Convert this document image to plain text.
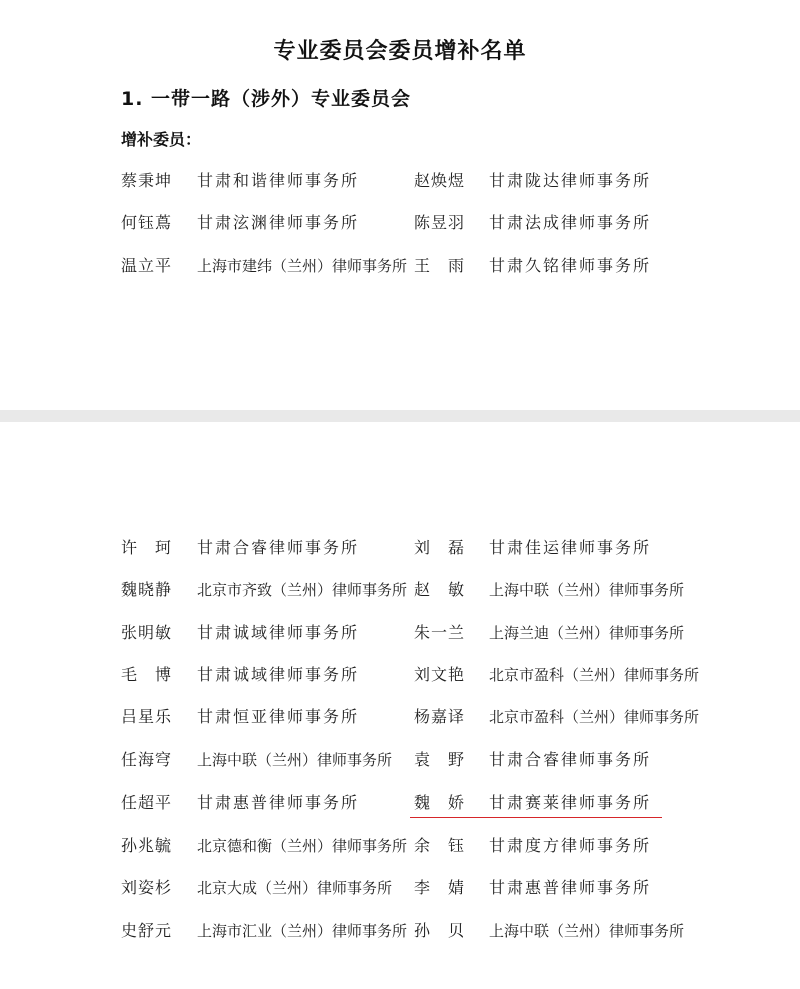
专业委员会委员增补名单
1. 一带一路（涉外）专业委员会
增补委员：
蔡秉坤	甘肃和谐律师事务所	赵焕煜	甘肃陇达律师事务所
何钰蔦	甘肃泫渊律师事务所	陈昱羽	甘肃法成律师事务所
温立平	上海市建纬（兰州）律师事务所 王　雨	甘肃久铭律师事务所
许　珂	甘肃合睿律师事务所	刘　磊	甘肃佳运律师事务所
魏晓静	北京市齐致（兰州）律师事务所 赵　敏	上海中联（兰州）律师事务所
张明敏	甘肃诚域律师事务所	朱一兰	上海兰迪（兰州）律师事务所
毛　博	甘肃诚域律师事务所	刘文艳	北京市盈科（兰州）律师事务所
吕星乐	甘肃恒亚律师事务所	杨嘉译	北京市盈科（兰州）律师事务所
任海穹	上海中联（兰州）律师事务所 袁　野	甘肃合睿律师事务所
任超平	甘肃惠普律师事务所	魏　娇	甘肃赛莱律师事务所
孙兆毓	北京德和衡（兰州）律师事务所 余　钰	甘肃度方律师事务所
刘姿杉	北京大成（兰州）律师事务所 李　婧	甘肃惠普律师事务所
史舒元	上海市汇业（兰州）律师事务所 孙　贝	上海中联（兰州）律师事务所
